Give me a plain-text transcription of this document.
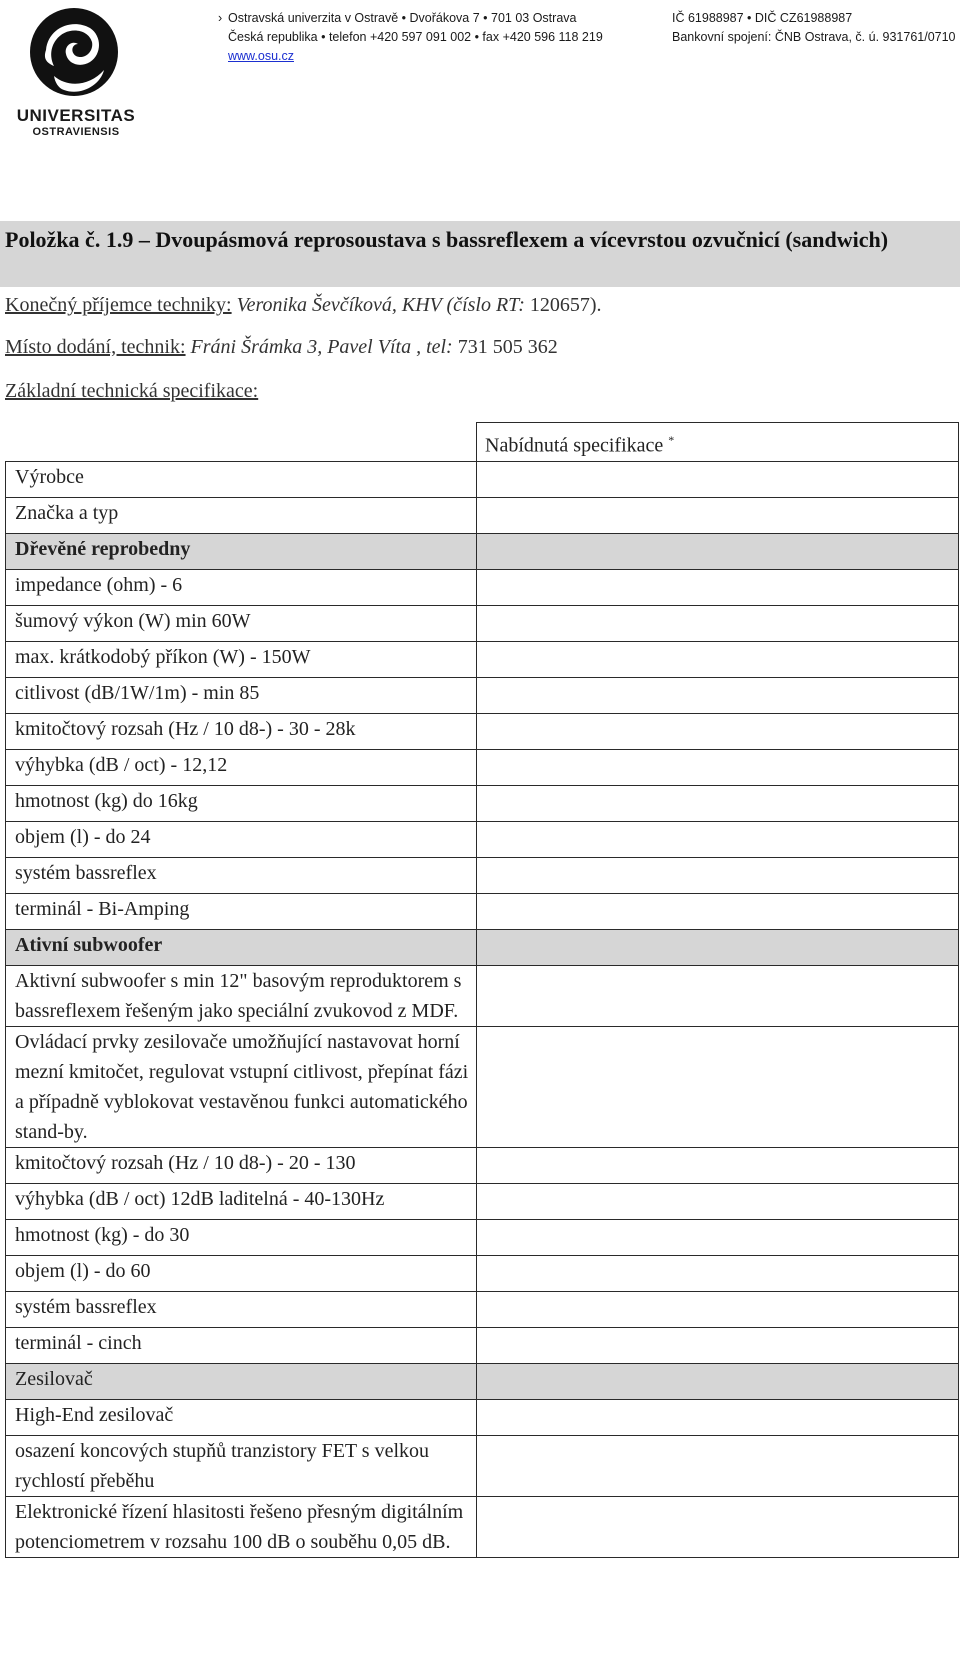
UNIVERSITAS
OSTRAVIENSIS
› Ostravská univerzita v Ostravě • Dvořákova 7 • 701 03 Ostrava
Česká republika • telefon +420 597 091 002 • fax +420 596 118 219
www.osu.cz
IČ 61988987 • DIČ CZ61988987
Bankovní spojení: ČNB Ostrava, č. ú. 931761/0710
Položka č. 1.9 – Dvoupásmová reprosoustava s bassreflexem a vícevrstou ozvučnicí (sandwich)
Konečný příjemce techniky: Veronika Ševčíková, KHV (číslo RT: 120657).
Místo dodání, technik: Fráni Šrámka 3, Pavel Víta , tel: 731 505 362
Základní technická specifikace:
	Nabídnutá specifikace *
Výrobce	
Značka a typ	
Dřevěné reprobedny	
impedance (ohm) - 6	
šumový výkon (W) min 60W	
max. krátkodobý příkon (W) - 150W	
citlivost (dB/1W/1m) - min 85	
kmitočtový rozsah (Hz / 10 d8-) - 30 - 28k	
výhybka (dB / oct) - 12,12	
hmotnost (kg) do 16kg	
objem (l) - do 24	
systém bassreflex	
terminál - Bi-Amping	
Ativní subwoofer	
Aktivní subwoofer s min 12" basovým reproduktorem s bassreflexem řešeným jako speciální zvukovod z MDF.	
Ovládací prvky zesilovače umožňující nastavovat horní mezní kmitočet, regulovat vstupní citlivost, přepínat fázi a případně vyblokovat vestavěnou funkci automatického stand-by.	
kmitočtový rozsah (Hz / 10 d8-) - 20 - 130	
výhybka (dB / oct) 12dB laditelná - 40-130Hz	
hmotnost (kg) - do 30	
objem (l) - do 60	
systém bassreflex	
terminál - cinch	
Zesilovač	
High-End zesilovač	
osazení koncových stupňů tranzistory FET s velkou rychlostí přeběhu	
Elektronické řízení hlasitosti řešeno přesným digitálním potenciometrem v rozsahu 100 dB o souběhu 0,05 dB.	
